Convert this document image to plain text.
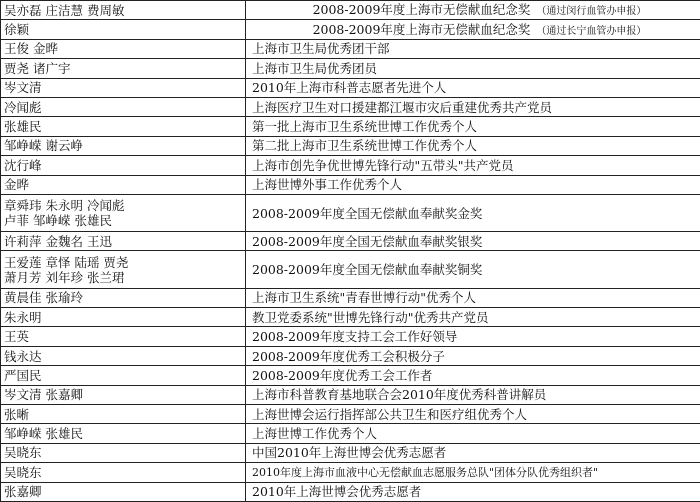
吴亦磊 庄洁慧 费周敏	2008-2009年度上海市无偿献血纪念奖 （通过闵行血管办申报）
徐颖	2008-2009年度上海市无偿献血纪念奖 （通过长宁血管办申报）
王俊 金晔	上海市卫生局优秀团干部
贾尧 诸广宇	上海市卫生局优秀团员
岑文清	2010年上海市科普志愿者先进个人
冷闻彪	上海医疗卫生对口援建都江堰市灾后重建优秀共产党员
张雄民	第一批上海市卫生系统世博工作优秀个人
邹峥嵘 谢云峥	第二批上海市卫生系统世博工作优秀个人
沈行峰	上海市创先争优世博先锋行动"五带头"共产党员
金晔	上海世博外事工作优秀个人
章舜玮 朱永明 冷闻彪
卢菲 邹峥嵘 张雄民	2008-2009年度全国无偿献血奉献奖金奖
许莉萍 金魏名 王迅	2008-2009年度全国无偿献血奉献奖银奖
王爱莲 章怿 陆瑶 贾尧
萧月芳 刘年珍 张兰珺	2008-2009年度全国无偿献血奉献奖铜奖
黄晨佳 张瑜玲	上海市卫生系统"青春世博行动"优秀个人
朱永明	教卫党委系统"世博先锋行动"优秀共产党员
王英	2008-2009年度支持工会工作好领导
钱永达	2008-2009年度优秀工会积极分子
严国民	2008-2009年度优秀工会工作者
岑文清 张嘉卿	上海市科普教育基地联合会2010年度优秀科普讲解员
张晰	上海世博会运行指挥部公共卫生和医疗组优秀个人
邹峥嵘 张雄民	上海世博工作优秀个人
吴晓东	中国2010年上海世博会优秀志愿者
吴晓东	2010年度上海市血液中心无偿献血志愿服务总队"团体分队优秀组织者"
张嘉卿	2010年上海世博会优秀志愿者
